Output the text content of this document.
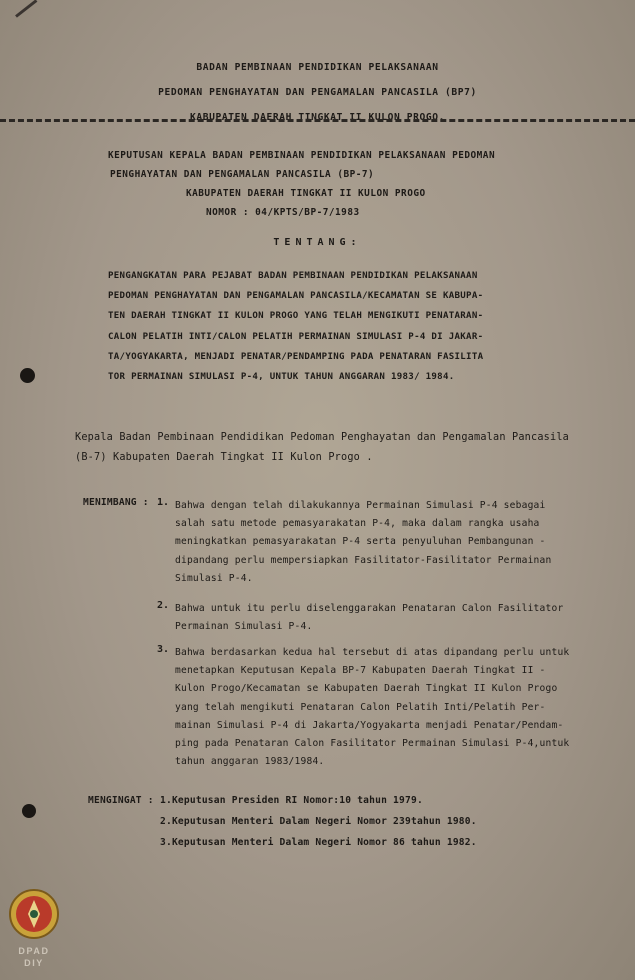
BADAN PEMBINAAN PENDIDIKAN PELAKSANAAN
PEDOMAN PENGHAYATAN DAN PENGAMALAN PANCASILA (BP7)
KABUPATEN DAERAH TINGKAT II KULON PROGO.
KEPUTUSAN KEPALA BADAN PEMBINAAN PENDIDIKAN PELAKSANAAN PEDOMAN
PENGHAYATAN DAN PENGAMALAN PANCASILA (BP-7)
KABUPATEN DAERAH TINGKAT II KULON PROGO
NOMOR : 04/KPTS/BP-7/1983
TENTANG:
PENGANGKATAN PARA PEJABAT BADAN PEMBINAAN PENDIDIKAN PELAKSANAAN
PEDOMAN PENGHAYATAN DAN PENGAMALAN PANCASILA/KECAMATAN SE KABUPA-
TEN DAERAH TINGKAT II KULON PROGO YANG TELAH MENGIKUTI PENATARAN-
CALON PELATIH INTI/CALON PELATIH PERMAINAN SIMULASI P-4 DI JAKAR-
TA/YOGYAKARTA, MENJADI PENATAR/PENDAMPING PADA PENATARAN FASILITA
TOR PERMAINAN SIMULASI P-4, UNTUK TAHUN ANGGARAN 1983/ 1984.
Kepala Badan Pembinaan Pendidikan Pedoman Penghayatan dan Pengamalan Pancasila
(B-7) Kabupaten Daerah Tingkat II Kulon Progo .
MENIMBANG : 1. Bahwa dengan telah dilakukannya Permainan Simulasi P-4 sebagai
salah satu metode pemasyarakatan P-4, maka dalam rangka usaha
meningkatkan pemasyarakatan P-4 serta penyuluhan Pembangunan -
dipandang perlu mempersiapkan Fasilitator-Fasilitator Permainan
Simulasi P-4.
2. Bahwa untuk itu perlu diselenggarakan Penataran Calon Fasilitator
Permainan Simulasi P-4.
3. Bahwa berdasarkan kedua hal tersebut di atas dipandang perlu untuk
menetapkan Keputusan Kepala BP-7 Kabupaten Daerah Tingkat II -
Kulon Progo/Kecamatan se Kabupaten Daerah Tingkat II Kulon Progo
yang telah mengikuti Penataran Calon Pelatih Inti/Pelatih Per-
mainan Simulasi P-4 di Jakarta/Yogyakarta menjadi Penatar/Pendam-
ping pada Penataran Calon Fasilitator Permainan Simulasi P-4,untuk
tahun anggaran 1983/1984.
MENGINGAT : 1.Keputusan Presiden RI Nomor:10 tahun 1979.
2.Keputusan Menteri Dalam Negeri Nomor 239tahun 1980.
3.Keputusan Menteri Dalam Negeri Nomor 86 tahun 1982.
DPAD
DIY
